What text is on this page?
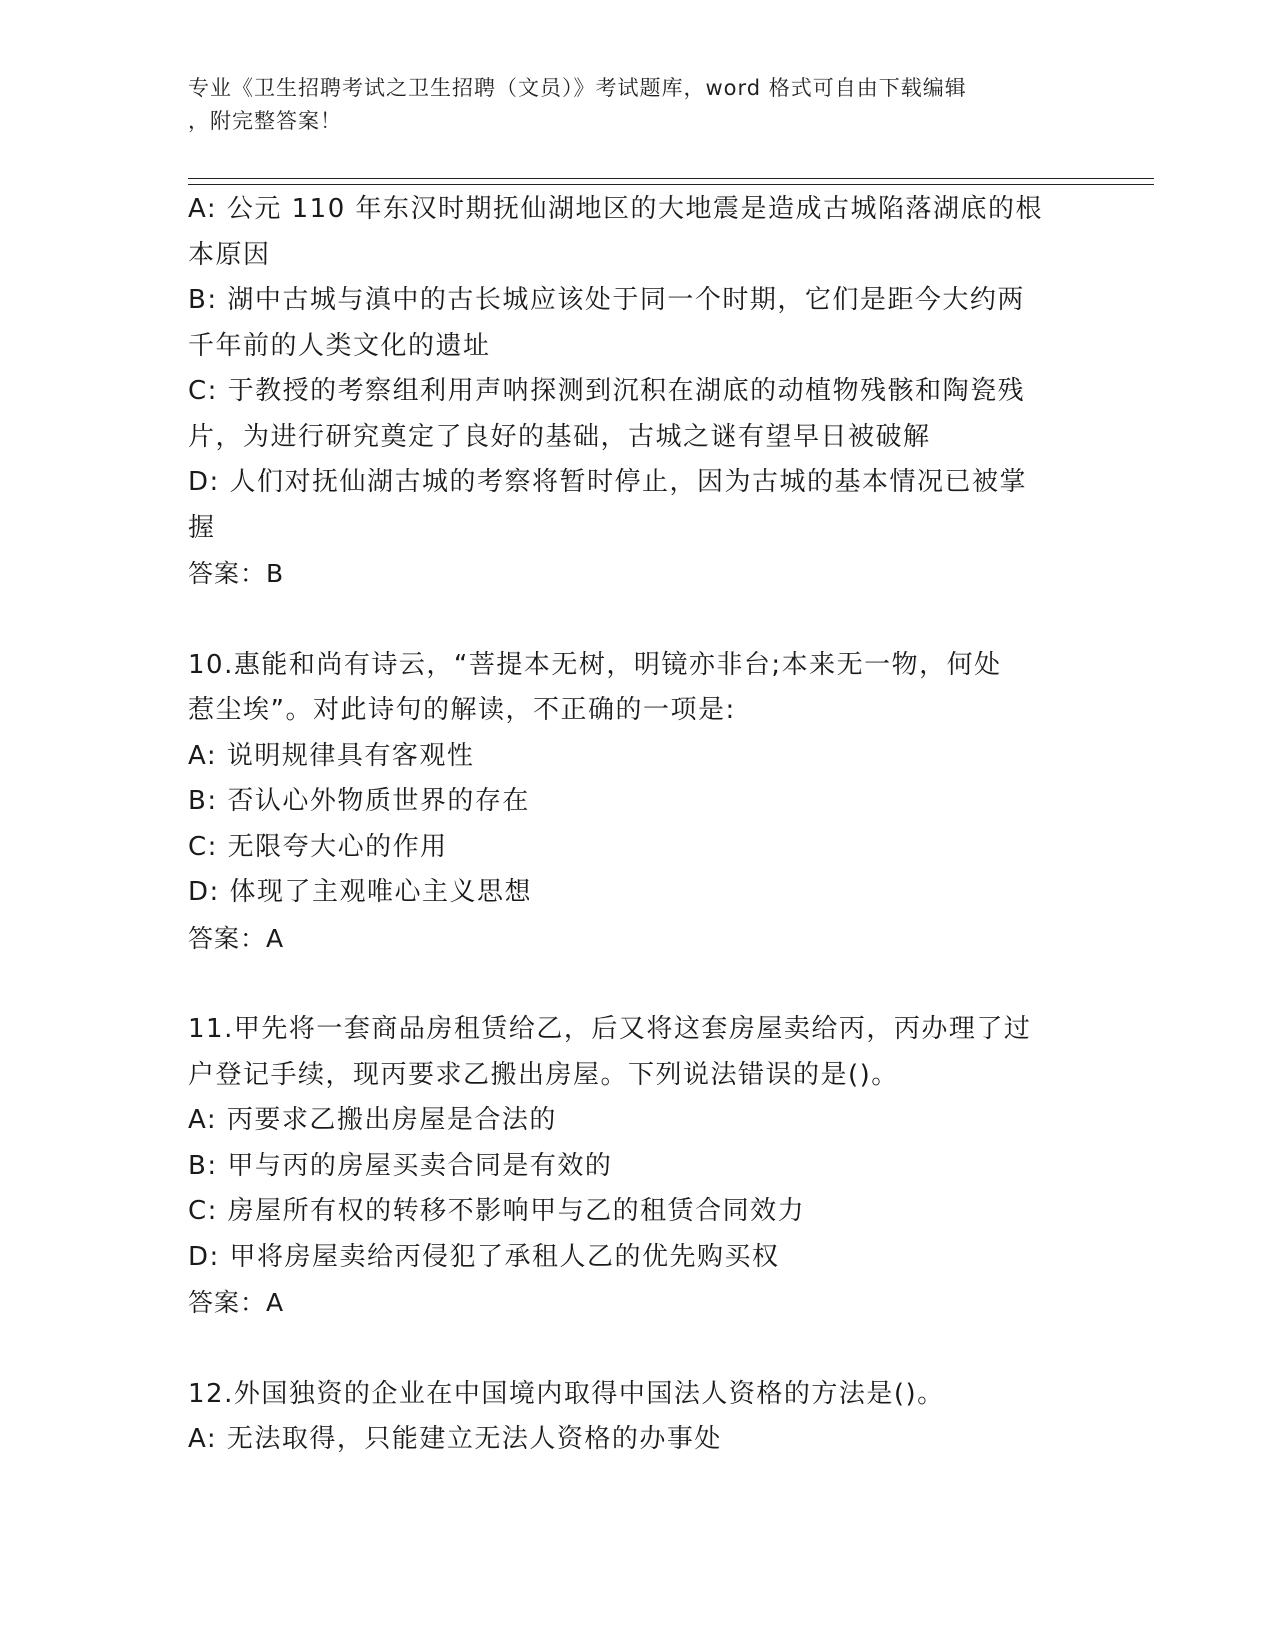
专业《卫生招聘考试之卫生招聘（文员）》考试题库，word 格式可自由下载编辑
，附完整答案！
A: 公元 110 年东汉时期抚仙湖地区的大地震是造成古城陷落湖底的根
本原因
B: 湖中古城与滇中的古长城应该处于同一个时期，它们是距今大约两
千年前的人类文化的遗址
C: 于教授的考察组利用声呐探测到沉积在湖底的动植物残骸和陶瓷残
片，为进行研究奠定了良好的基础，古城之谜有望早日被破解
D: 人们对抚仙湖古城的考察将暂时停止，因为古城的基本情况已被掌
握
答案：B
10.惠能和尚有诗云，“菩提本无树，明镜亦非台;本来无一物，何处
惹尘埃”。对此诗句的解读，不正确的一项是:
A: 说明规律具有客观性
B: 否认心外物质世界的存在
C: 无限夸大心的作用
D: 体现了主观唯心主义思想
答案：A
11.甲先将一套商品房租赁给乙，后又将这套房屋卖给丙，丙办理了过
户登记手续，现丙要求乙搬出房屋。下列说法错误的是()。
A: 丙要求乙搬出房屋是合法的
B: 甲与丙的房屋买卖合同是有效的
C: 房屋所有权的转移不影响甲与乙的租赁合同效力
D: 甲将房屋卖给丙侵犯了承租人乙的优先购买权
答案：A
12.外国独资的企业在中国境内取得中国法人资格的方法是()。
A: 无法取得，只能建立无法人资格的办事处
